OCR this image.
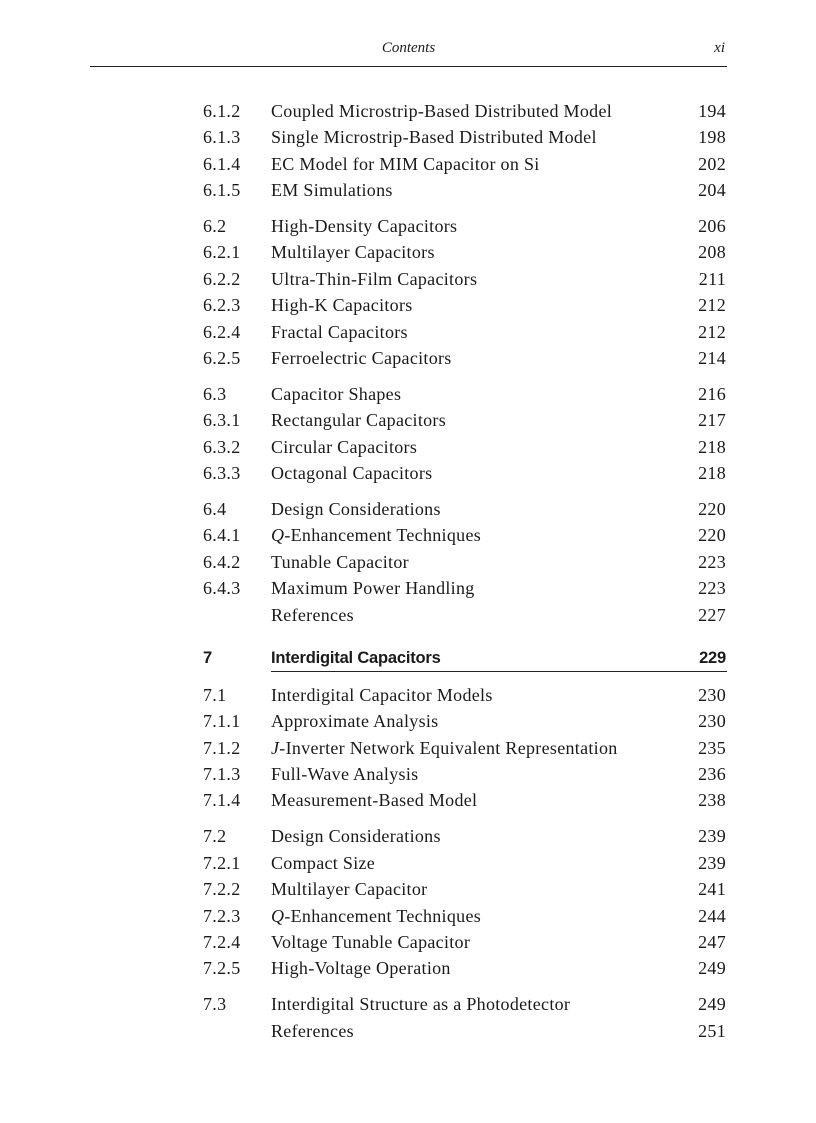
Contents	xi
6.1.2 Coupled Microstrip-Based Distributed Model	194
6.1.3 Single Microstrip-Based Distributed Model	198
6.1.4 EC Model for MIM Capacitor on Si	202
6.1.5 EM Simulations	204
6.2 High-Density Capacitors	206
6.2.1 Multilayer Capacitors	208
6.2.2 Ultra-Thin-Film Capacitors	211
6.2.3 High-K Capacitors	212
6.2.4 Fractal Capacitors	212
6.2.5 Ferroelectric Capacitors	214
6.3 Capacitor Shapes	216
6.3.1 Rectangular Capacitors	217
6.3.2 Circular Capacitors	218
6.3.3 Octagonal Capacitors	218
6.4 Design Considerations	220
6.4.1 Q-Enhancement Techniques	220
6.4.2 Tunable Capacitor	223
6.4.3 Maximum Power Handling	223
References	227
7	Interdigital Capacitors	229
7.1 Interdigital Capacitor Models	230
7.1.1 Approximate Analysis	230
7.1.2 J-Inverter Network Equivalent Representation	235
7.1.3 Full-Wave Analysis	236
7.1.4 Measurement-Based Model	238
7.2 Design Considerations	239
7.2.1 Compact Size	239
7.2.2 Multilayer Capacitor	241
7.2.3 Q-Enhancement Techniques	244
7.2.4 Voltage Tunable Capacitor	247
7.2.5 High-Voltage Operation	249
7.3 Interdigital Structure as a Photodetector	249
References	251
